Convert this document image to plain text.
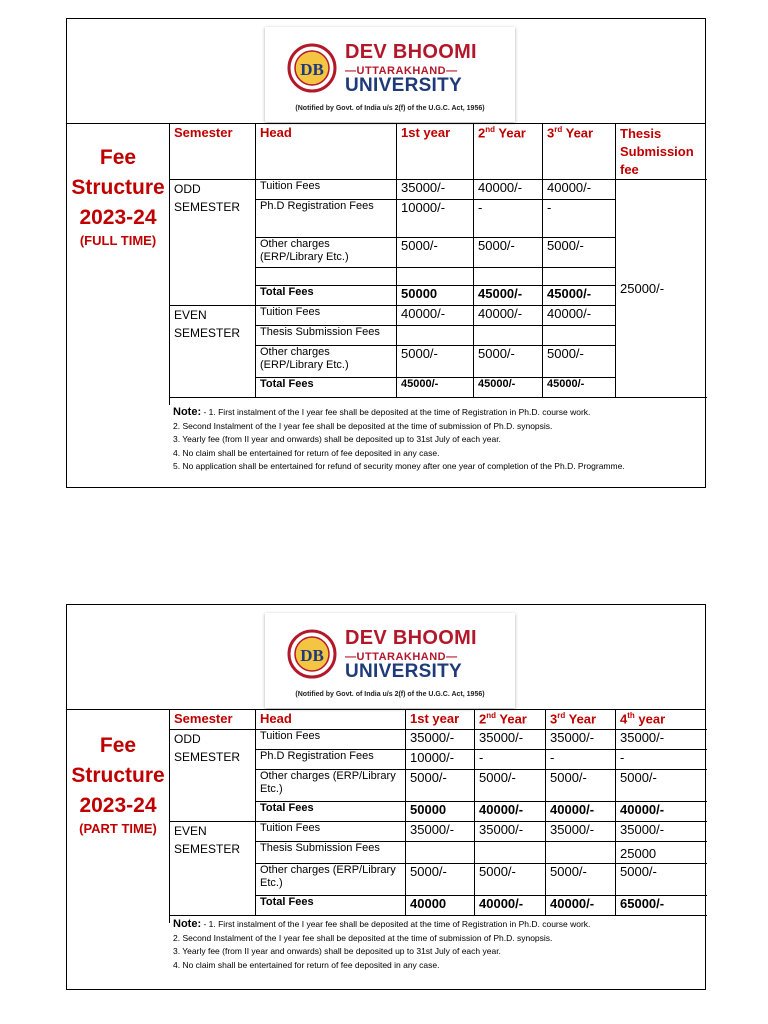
DB
DEV BHOOMI
—UTTARAKHAND—
UNIVERSITY
(Notified by Govt. of India u/s 2(f) of the U.G.C. Act, 1956)
Fee
Structure
2023-24
(FULL TIME)
Semester	Head	1st year	2nd Year	3rd Year	Thesis Submission fee
ODD SEMESTER	Tuition Fees	35000/-	40000/-	40000/-	25000/-
	Ph.D Registration Fees	10000/-	-	-	
	Other charges (ERP/Library Etc.)	5000/-	5000/-	5000/-	

	Total Fees	50000	45000/-	45000/-	
EVEN SEMESTER	Tuition Fees	40000/-	40000/-	40000/-	
	Thesis Submission Fees				
	Other charges (ERP/Library Etc.)	5000/-	5000/-	5000/-	
	Total Fees	45000/-	45000/-	45000/-	
Note: - 1. First instalment of the I year fee shall be deposited at the time of Registration in Ph.D. course work.
2. Second Instalment of the I year fee shall be deposited at the time of submission of Ph.D. synopsis.
3. Yearly fee (from II year and onwards) shall be deposited up to 31st July of each year.
4. No claim shall be entertained for return of fee deposited in any case.
5. No application shall be entertained for refund of security money after one year of completion of the Ph.D. Programme.
DB
DEV BHOOMI
—UTTARAKHAND—
UNIVERSITY
(Notified by Govt. of India u/s 2(f) of the U.G.C. Act, 1956)
Fee
Structure
2023-24
(PART TIME)
Semester	Head	1st year	2nd Year	3rd Year	4th year
ODD SEMESTER	Tuition Fees	35000/-	35000/-	35000/-	35000/-
	Ph.D Registration Fees	10000/-	-	-	-
	Other charges (ERP/Library Etc.)	5000/-	5000/-	5000/-	5000/-
	Total Fees	50000	40000/-	40000/-	40000/-
EVEN SEMESTER	Tuition Fees	35000/-	35000/-	35000/-	35000/-
	Thesis Submission Fees				25000
	Other charges (ERP/Library Etc.)	5000/-	5000/-	5000/-	5000/-
	Total Fees	40000	40000/-	40000/-	65000/-
Note: - 1. First instalment of the I year fee shall be deposited at the time of Registration in Ph.D. course work.
2. Second Instalment of the I year fee shall be deposited at the time of submission of Ph.D. synopsis.
3. Yearly fee (from II year and onwards) shall be deposited up to 31st July of each year.
4. No claim shall be entertained for return of fee deposited in any case.
